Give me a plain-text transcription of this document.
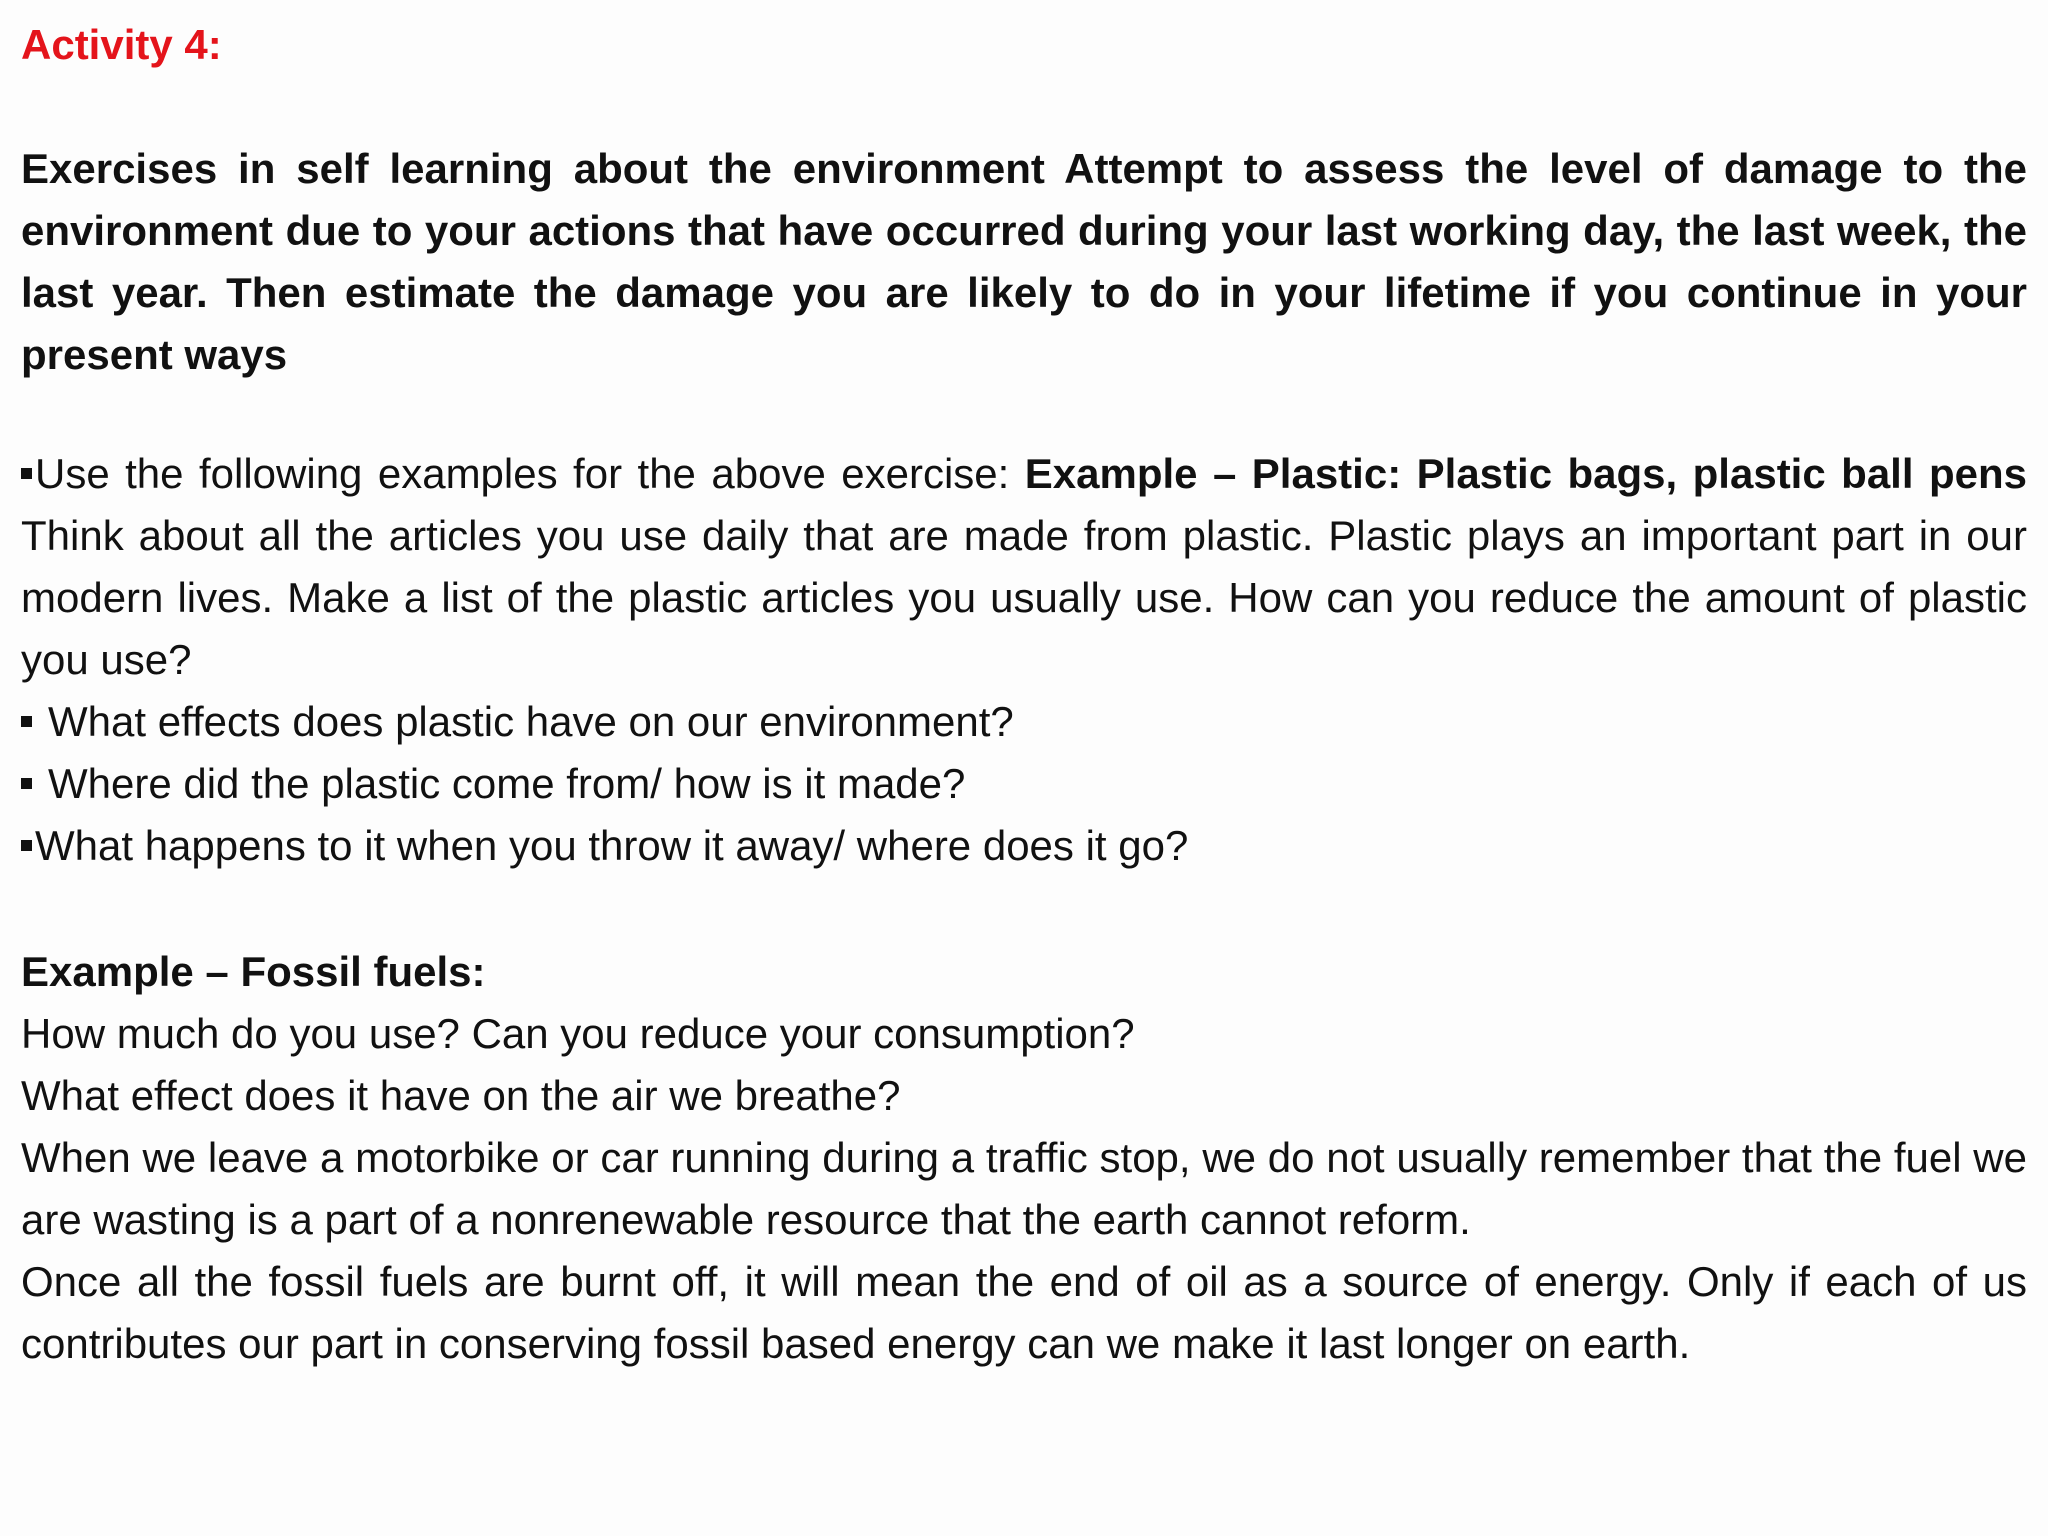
Activity 4:

Exercises in self learning about the environment Attempt to assess the level of damage to the environment due to your actions that have occurred during your last working day, the last week, the last year. Then estimate the damage you are likely to do in your lifetime if you continue in your present ways

Use the following examples for the above exercise: Example – Plastic: Plastic bags, plastic ball pens Think about all the articles you use daily that are made from plastic. Plastic plays an important part in our modern lives. Make a list of the plastic articles you usually use. How can you reduce the amount of plastic you use?

What effects does plastic have on our environment?

Where did the plastic come from/ how is it made?

What happens to it when you throw it away/ where does it go?

Example – Fossil fuels:

How much do you use? Can you reduce your consumption?

What effect does it have on the air we breathe?

When we leave a motorbike or car running during a traffic stop, we do not usually remember that the fuel we are wasting is a part of a nonrenewable resource that the earth cannot reform.

Once all the fossil fuels are burnt off, it will mean the end of oil as a source of energy. Only if each of us contributes our part in conserving fossil based energy can we make it last longer on earth.
